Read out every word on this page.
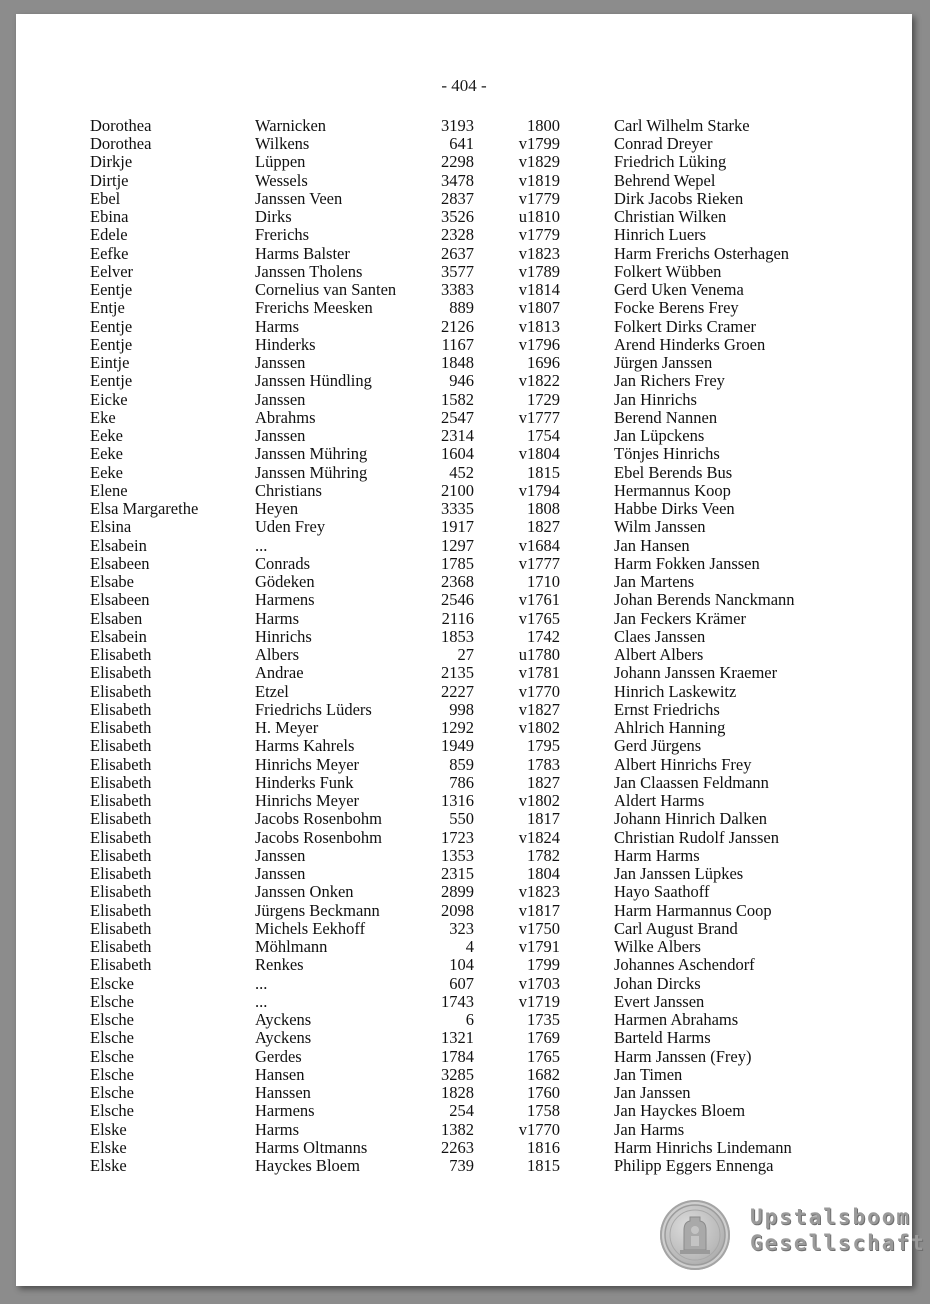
- 404 -
Dorothea	Warnicken	3193	1800	Carl Wilhelm Starke
Dorothea	Wilkens	641	v1799	Conrad Dreyer
Dirkje	Lüppen	2298	v1829	Friedrich Lüking
Dirtje	Wessels	3478	v1819	Behrend Wepel
Ebel	Janssen Veen	2837	v1779	Dirk Jacobs Rieken
Ebina	Dirks	3526	u1810	Christian Wilken
Edele	Frerichs	2328	v1779	Hinrich Luers
Eefke	Harms Balster	2637	v1823	Harm Frerichs Osterhagen
Eelver	Janssen Tholens	3577	v1789	Folkert Wübben
Eentje	Cornelius van Santen	3383	v1814	Gerd Uken Venema
Entje	Frerichs Meesken	889	v1807	Focke Berens Frey
Eentje	Harms	2126	v1813	Folkert Dirks Cramer
Eentje	Hinderks	1167	v1796	Arend Hinderks Groen
Eintje	Janssen	1848	1696	Jürgen Janssen
Eentje	Janssen Hündling	946	v1822	Jan Richers Frey
Eicke	Janssen	1582	1729	Jan Hinrichs
Eke	Abrahms	2547	v1777	Berend Nannen
Eeke	Janssen	2314	1754	Jan Lüpckens
Eeke	Janssen Mühring	1604	v1804	Tönjes Hinrichs
Eeke	Janssen Mühring	452	1815	Ebel Berends Bus
Elene	Christians	2100	v1794	Hermannus Koop
Elsa Margarethe	Heyen	3335	1808	Habbe Dirks Veen
Elsina	Uden Frey	1917	1827	Wilm Janssen
Elsabein	...	1297	v1684	Jan Hansen
Elsabeen	Conrads	1785	v1777	Harm Fokken Janssen
Elsabe	Gödeken	2368	1710	Jan Martens
Elsabeen	Harmens	2546	v1761	Johan Berends Nanckmann
Elsaben	Harms	2116	v1765	Jan Feckers Krämer
Elsabein	Hinrichs	1853	1742	Claes Janssen
Elisabeth	Albers	27	u1780	Albert Albers
Elisabeth	Andrae	2135	v1781	Johann Janssen Kraemer
Elisabeth	Etzel	2227	v1770	Hinrich Laskewitz
Elisabeth	Friedrichs Lüders	998	v1827	Ernst Friedrichs
Elisabeth	H. Meyer	1292	v1802	Ahlrich Hanning
Elisabeth	Harms Kahrels	1949	1795	Gerd Jürgens
Elisabeth	Hinrichs Meyer	859	1783	Albert Hinrichs Frey
Elisabeth	Hinderks Funk	786	1827	Jan Claassen Feldmann
Elisabeth	Hinrichs Meyer	1316	v1802	Aldert Harms
Elisabeth	Jacobs Rosenbohm	550	1817	Johann Hinrich Dalken
Elisabeth	Jacobs Rosenbohm	1723	v1824	Christian Rudolf Janssen
Elisabeth	Janssen	1353	1782	Harm Harms
Elisabeth	Janssen	2315	1804	Jan Janssen Lüpkes
Elisabeth	Janssen Onken	2899	v1823	Hayo Saathoff
Elisabeth	Jürgens Beckmann	2098	v1817	Harm Harmannus Coop
Elisabeth	Michels Eekhoff	323	v1750	Carl August Brand
Elisabeth	Möhlmann	4	v1791	Wilke Albers
Elisabeth	Renkes	104	1799	Johannes Aschendorf
Elscke	...	607	v1703	Johan Dircks
Elsche	...	1743	v1719	Evert Janssen
Elsche	Ayckens	6	1735	Harmen Abrahams
Elsche	Ayckens	1321	1769	Barteld Harms
Elsche	Gerdes	1784	1765	Harm Janssen (Frey)
Elsche	Hansen	3285	1682	Jan Timen
Elsche	Hanssen	1828	1760	Jan Janssen
Elsche	Harmens	254	1758	Jan Hayckes Bloem
Elske	Harms	1382	v1770	Jan Harms
Elske	Harms Oltmanns	2263	1816	Harm Hinrichs Lindemann
Elske	Hayckes Bloem	739	1815	Philipp Eggers Ennenga
Upstalsboom
Gesellschaft
